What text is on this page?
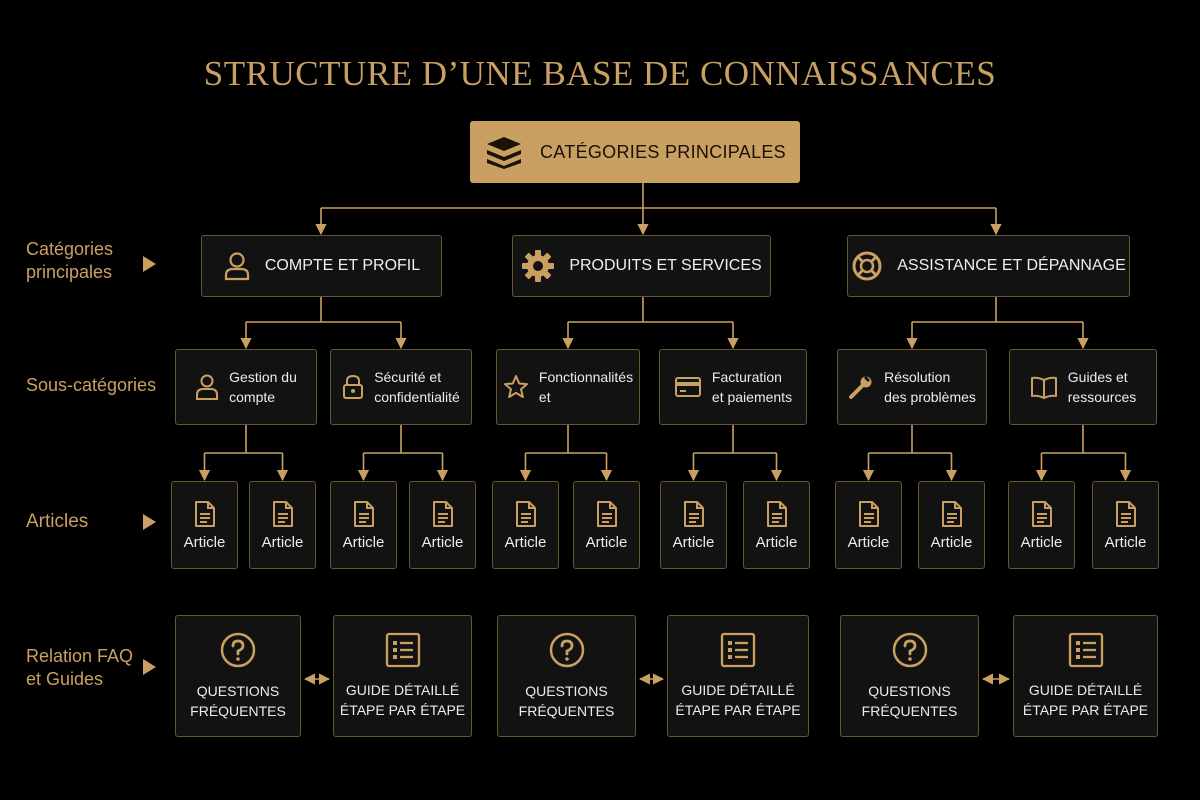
STRUCTURE D’UNE BASE DE CONNAISSANCES
CATÉGORIES PRINCIPALES
Catégories
principales
Sous-catégories
Articles
Relation FAQ
et Guides
COMPTE ET PROFIL	PRODUITS ET SERVICES	ASSISTANCE ET DÉPANNAGE
Gestion du
compte
Sécurité et
confidentialité
Fonctionnalités
et
Facturation
et paiements
Résolution
des problèmes
Guides et
ressources
Article Article	Article Article	Article	Article	Article	Article	Article	Article	Article	Article
QUESTIONS
FRÉQUENTES
GUIDE DÉTAILLÉ
ÉTAPE PAR ÉTAPE
QUESTIONS
FRÉQUENTES
GUIDE DÉTAILLÉ
ÉTAPE PAR ÉTAPE
QUESTIONS
FRÉQUENTES
GUIDE DÉTAILLÉ
ÉTAPE PAR ÉTAPE
